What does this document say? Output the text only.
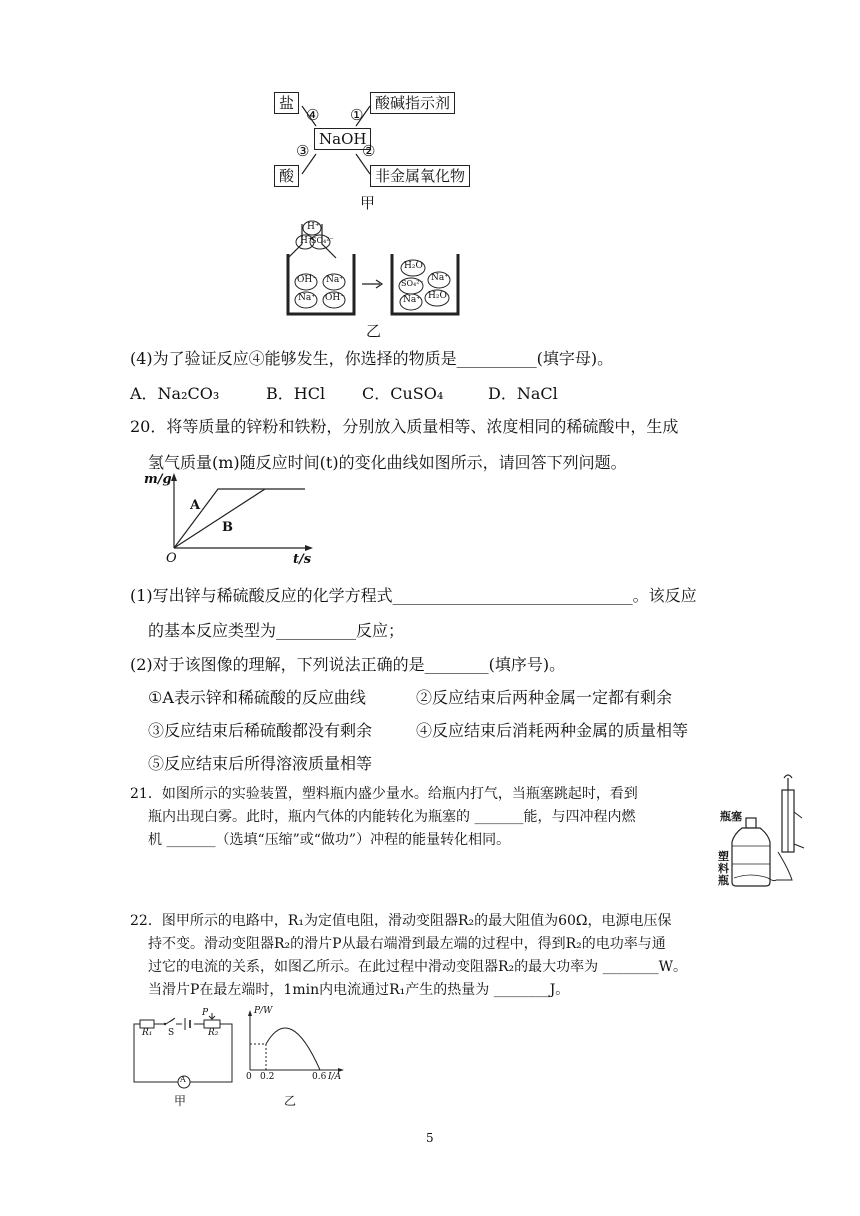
盐
酸
NaOH
酸碱指示剂
非金属氧化物
④ ①
③	②
甲
H⁺
H⁺
SO₄²⁻
OH⁻ Na⁺
Na⁺ OH⁻
H₂O
Na⁺
SO₄²⁻
Na⁺ H₂O
乙
(4)为了验证反应④能够发生，你选择的物质是__________(填字母)。
A．Na₂CO₃	B．HCl C．CuSO₄	D．NaCl
20．将等质量的锌粉和铁粉，分别放入质量相等、浓度相同的稀硫酸中，生成
氢气质量(m)随反应时间(t)的变化曲线如图所示，请回答下列问题。
m/g
A
B
O	t/s
(1)写出锌与稀硫酸反应的化学方程式______________________________。该反应
的基本反应类型为__________反应；
(2)对于该图像的理解，下列说法正确的是________(填序号)。
①A表示锌和稀硫酸的反应曲线	②反应结束后两种金属一定都有剩余
③反应结束后稀硫酸都没有剩余	④反应结束后消耗两种金属的质量相等
⑤反应结束后所得溶液质量相等
21．如图所示的实验装置，塑料瓶内盛少量水。给瓶内打气，当瓶塞跳起时，看到
瓶内出现白雾。此时，瓶内气体的内能转化为瓶塞的 _______能，与四冲程内燃
机 _______（选填“压缩”或“做功”）冲程的能量转化相同。
瓶塞
塑
料
瓶
22．图甲所示的电路中，R₁为定值电阻，滑动变阻器R₂的最大阻值为60Ω，电源电压保
持不变。滑动变阻器R₂的滑片P从最右端滑到最左端的过程中，得到R₂的电功率与通
过它的电流的关系，如图乙所示。在此过程中滑动变阻器R₂的最大功率为 ________W。
当滑片P在最左端时，1min内电流通过R₁产生的热量为 ________J。
R₁ S
P
R₂
A
甲
P/W
0 0.2	0.6 I/A
乙
5
